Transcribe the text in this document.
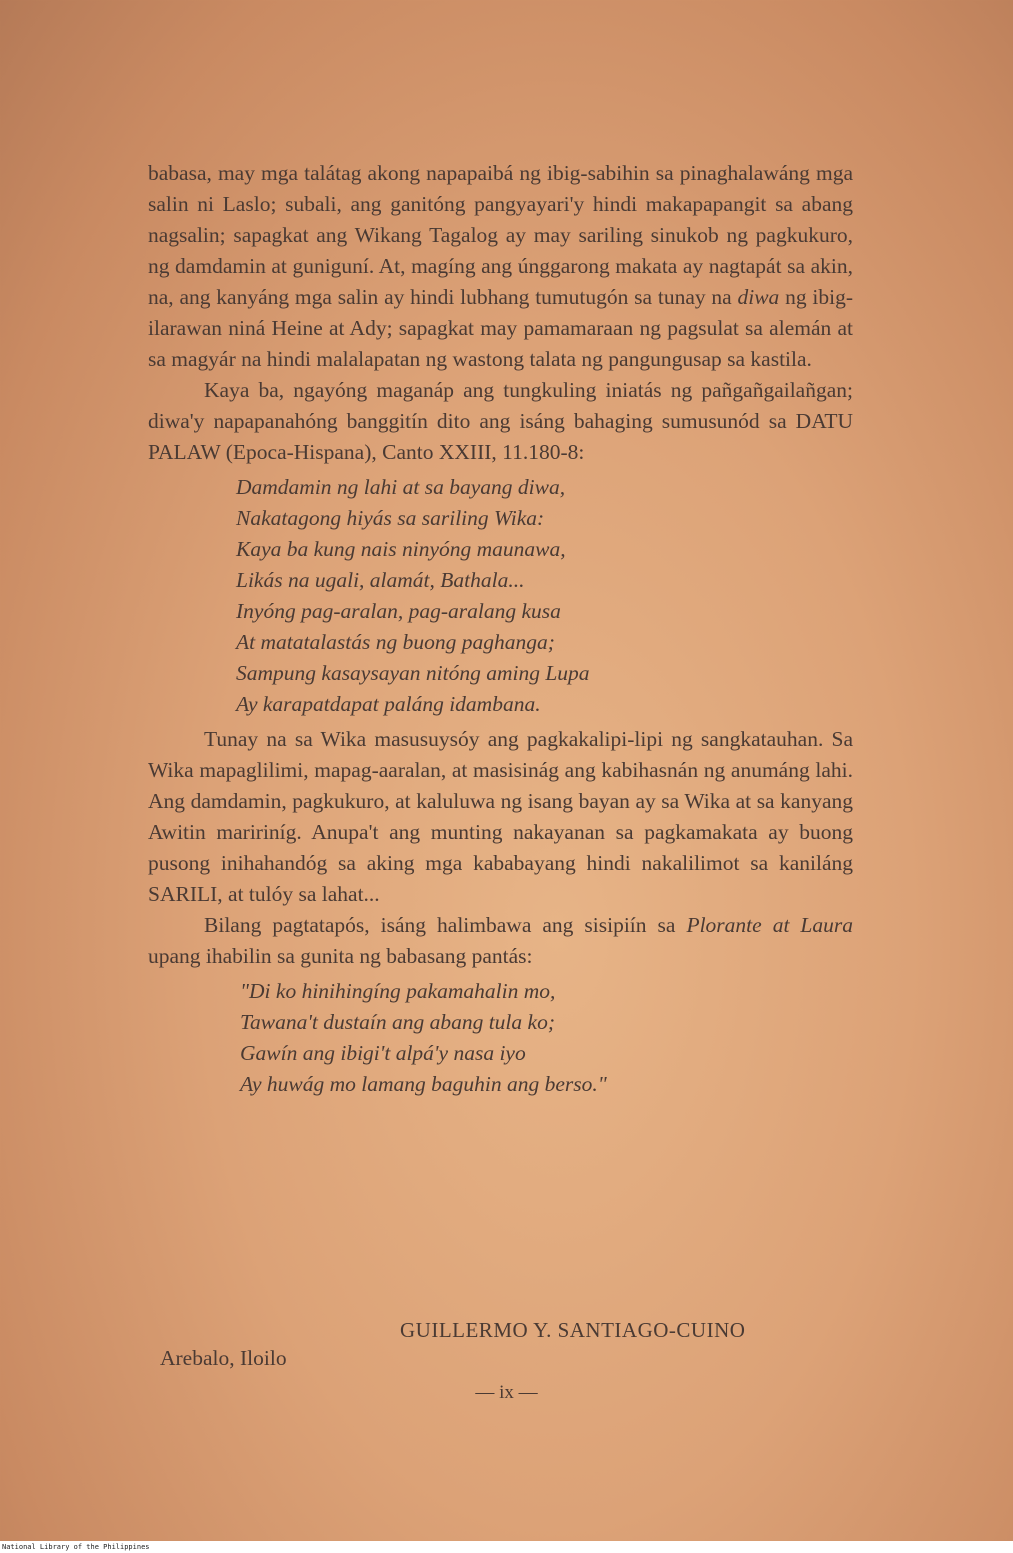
babasa, may mga talátag akong napapaibá ng ibig-sabihin sa pinaghalawáng mga salin ni Laslo; subali, ang ganitóng pangyayari'y hindi makapapangit sa abang nagsalin; sapagkat ang Wikang Tagalog ay may sariling sinukob ng pagkukuro, ng damdamin at guniguní. At, magíng ang únggarong makata ay nagtapát sa akin, na, ang kanyáng mga salin ay hindi lubhang tumutugón sa tunay na diwa ng ibig-ilarawan niná Heine at Ady; sapagkat may pamamaraan ng pagsulat sa alemán at sa magyár na hindi malalapatan ng wastong talata ng pangungusap sa kastila.

Kaya ba, ngayóng maganáp ang tungkuling iniatás ng pañgañgailañgan; diwa'y napapanahóng banggitín dito ang isáng bahaging sumusunód sa DATU PALAW (Epoca-Hispana), Canto XXIII, 11.180-8:

Damdamin ng lahi at sa bayang diwa,
Nakatagong hiyás sa sariling Wika:
Kaya ba kung nais ninyóng maunawa,
Likás na ugali, alamát, Bathala...
Inyóng pag-aralan, pag-aralang kusa
At matatalastás ng buong paghanga;
Sampung kasaysayan nitóng aming Lupa
Ay karapatdapat paláng idambana.

Tunay na sa Wika masusuysóy ang pagkakalipi-lipi ng sangkatauhan. Sa Wika mapaglilimi, mapag-aaralan, at masisinág ang kabihasnán ng anumáng lahi. Ang damdamin, pagkukuro, at kaluluwa ng isang bayan ay sa Wika at sa kanyang Awitin maririníg. Anupa't ang munting nakayanan sa pagkamakata ay buong pusong inihahandóg sa aking mga kababayang hindi nakalilimot sa kaniláng SARILI, at tulóy sa lahat...

Bilang pagtatapós, isáng halimbawa ang sisipiín sa Plorante at Laura upang ihabilin sa gunita ng babasang pantás:

"Di ko hinihingíng pakamahalin mo,
Tawana't dustaín ang abang tula ko;
Gawín ang ibigi't alpá'y nasa iyo
Ay huwág mo lamang baguhin ang berso."
GUILLERMO Y. SANTIAGO-CUINO
Arebalo, Iloilo
— ix —
National Library of the Philippines
